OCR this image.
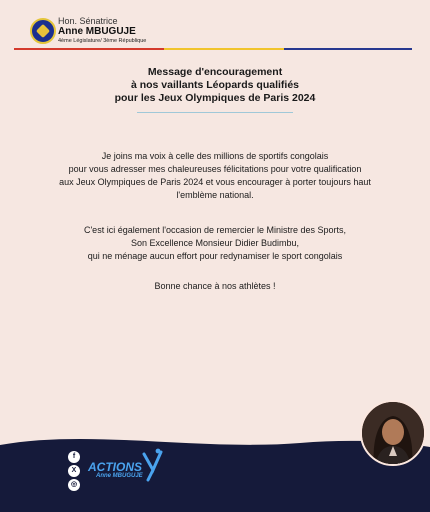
Hon. Sénatrice
Anne MBUGUJE
4ème Législature/ 3ème République
Message d'encouragement
à nos vaillants Léopards qualifiés
pour les Jeux Olympiques de Paris 2024
Je joins ma voix à celle des millions de sportifs congolais
pour vous adresser mes chaleureuses félicitations pour votre qualification
aux Jeux Olympiques de Paris 2024 et vous encourager à porter toujours haut
l'emblème national.
C'est ici également l'occasion de remercier le Ministre des Sports,
Son Excellence Monsieur Didier Budimbu,
qui ne ménage aucun effort pour redynamiser le sport congolais
Bonne chance à nos athlètes !
f
X
◎
ACTIONS
Anne MBUGUJE
